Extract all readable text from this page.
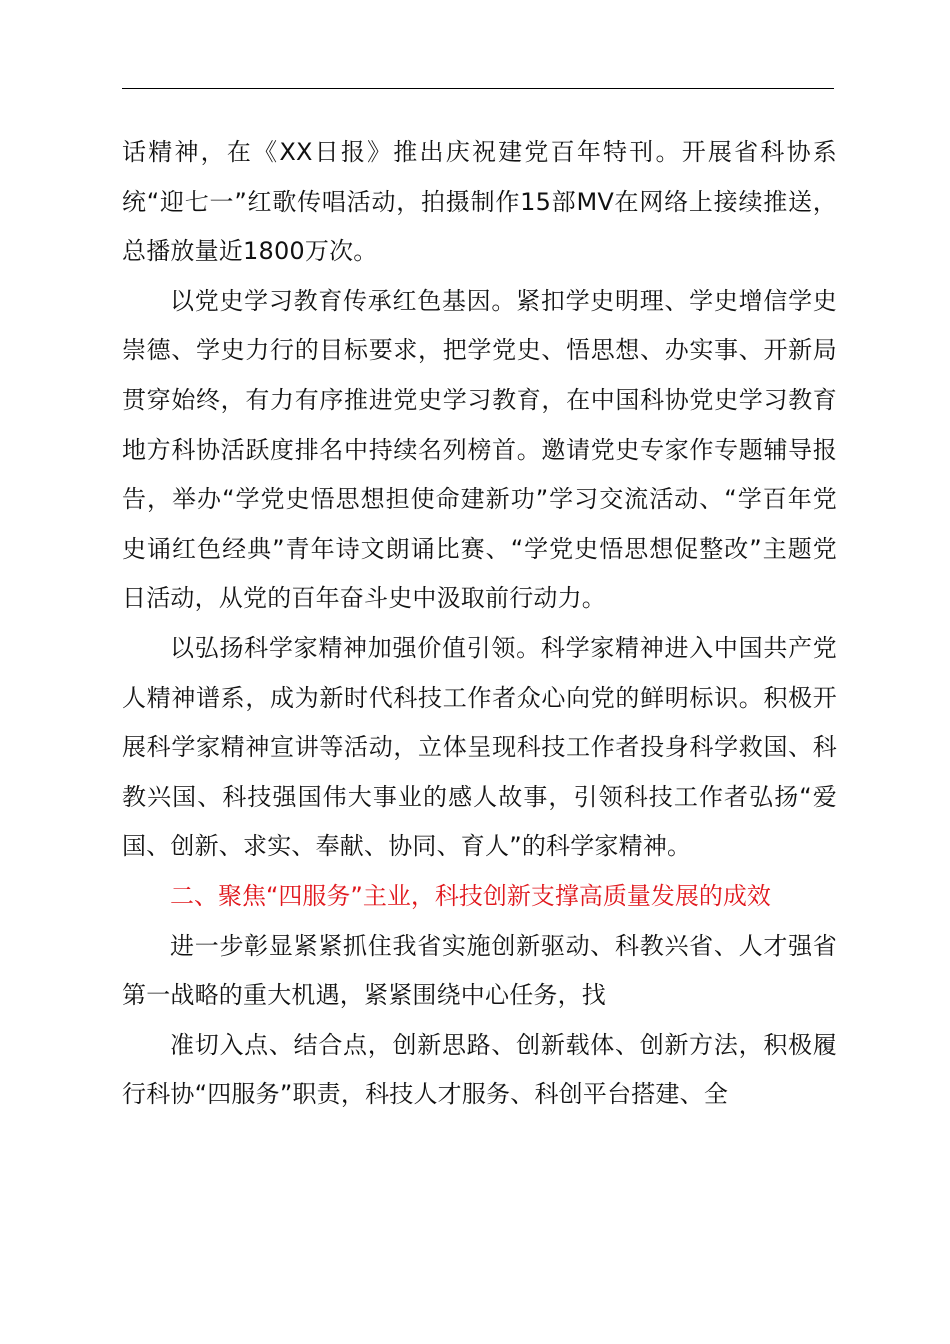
话精神，在《XX日报》推出庆祝建党百年特刊。开展省科协系统“迎七一”红歌传唱活动，拍摄制作15部MV在网络上接续推送，总播放量近1800万次。

以党史学习教育传承红色基因。紧扣学史明理、学史增信学史崇德、学史力行的目标要求，把学党史、悟思想、办实事、开新局贯穿始终，有力有序推进党史学习教育，在中国科协党史学习教育地方科协活跃度排名中持续名列榜首。邀请党史专家作专题辅导报告，举办“学党史悟思想担使命建新功”学习交流活动、“学百年党史诵红色经典”青年诗文朗诵比赛、“学党史悟思想促整改”主题党日活动，从党的百年奋斗史中汲取前行动力。

以弘扬科学家精神加强价值引领。科学家精神进入中国共产党人精神谱系，成为新时代科技工作者众心向党的鲜明标识。积极开展科学家精神宣讲等活动，立体呈现科技工作者投身科学救国、科教兴国、科技强国伟大事业的感人故事，引领科技工作者弘扬“爱国、创新、求实、奉献、协同、育人”的科学家精神。

二、聚焦“四服务”主业，科技创新支撑高质量发展的成效

进一步彰显紧紧抓住我省实施创新驱动、科教兴省、人才强省第一战略的重大机遇，紧紧围绕中心任务，找

准切入点、结合点，创新思路、创新载体、创新方法，积极履行科协“四服务”职责，科技人才服务、科创平台搭建、全
